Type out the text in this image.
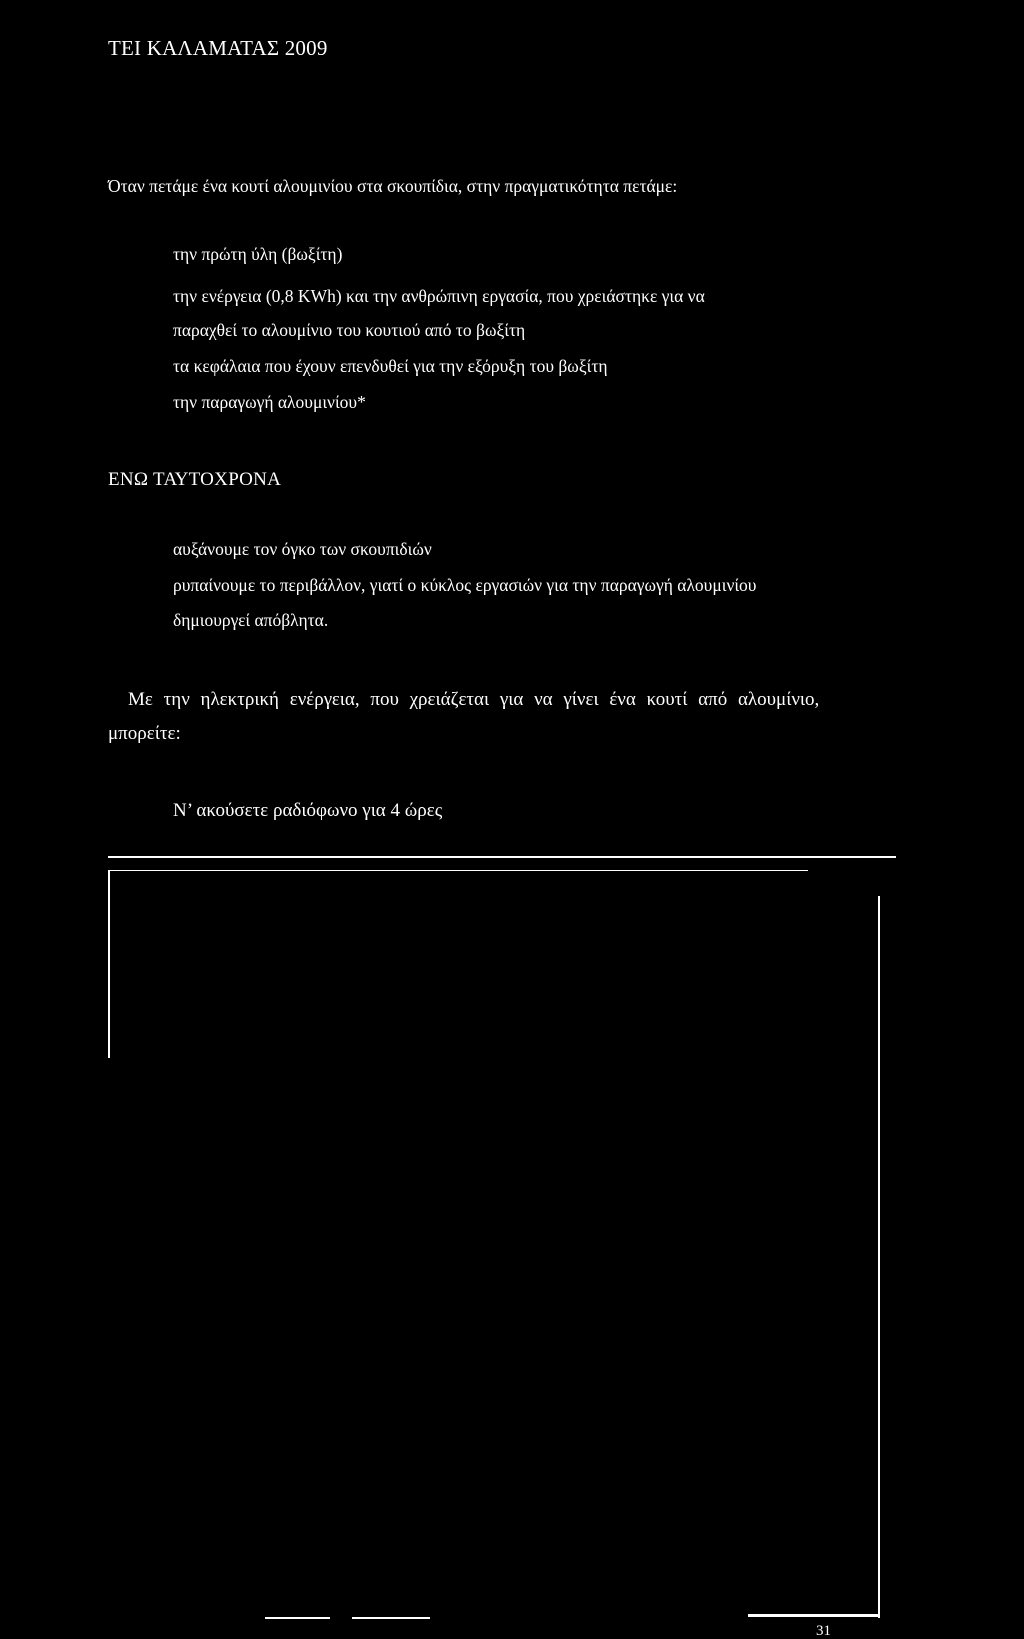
ΤΕΙ ΚΑΛΑΜΑΤΑΣ 2009
Όταν πετάμε ένα κουτί αλουμινίου στα σκουπίδια, στην πραγματικότητα πετάμε:
την πρώτη ύλη (βωξίτη)
την ενέργεια (0,8 KWh) και την ανθρώπινη εργασία, που χρειάστηκε για να
παραχθεί το αλουμίνιο του κουτιού από το βωξίτη
τα κεφάλαια που έχουν επενδυθεί για την εξόρυξη του βωξίτη
την παραγωγή αλουμινίου*
ΕΝΩ ΤΑΥΤΟΧΡΟΝΑ
αυξάνουμε τον όγκο των σκουπιδιών
ρυπαίνουμε το περιβάλλον, γιατί ο κύκλος εργασιών για την παραγωγή αλουμινίου
δημιουργεί απόβλητα.
Με την ηλεκτρική ενέργεια, που χρειάζεται για να γίνει ένα κουτί από αλουμίνιο,
μπορείτε:
Ν’ ακούσετε ραδιόφωνο για 4 ώρες
31
